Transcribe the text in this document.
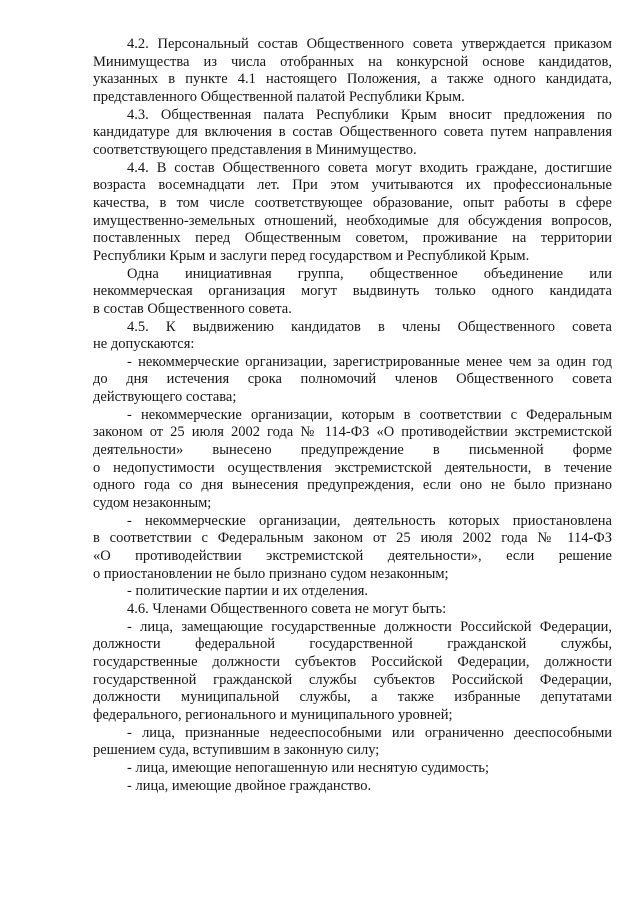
4.2. Персональный состав Общественного совета утверждается приказом
Минимущества из числа отобранных на конкурсной основе кандидатов,
указанных в пункте 4.1 настоящего Положения, а также одного кандидата,
представленного Общественной палатой Республики Крым.
4.3. Общественная палата Республики Крым вносит предложения по
кандидатуре для включения в состав Общественного совета путем направления
соответствующего представления в Минимущество.
4.4. В состав Общественного совета могут входить граждане, достигшие
возраста восемнадцати лет. При этом учитываются их профессиональные
качества, в том числе соответствующее образование, опыт работы в сфере
имущественно-земельных отношений, необходимые для обсуждения вопросов,
поставленных перед Общественным советом, проживание на территории
Республики Крым и заслуги перед государством и Республикой Крым.
Одна инициативная группа, общественное объединение или
некоммерческая организация могут выдвинуть только одного кандидата
в состав Общественного совета.
4.5. К выдвижению кандидатов в члены Общественного совета
не допускаются:
- некоммерческие организации, зарегистрированные менее чем за один год
до дня истечения срока полномочий членов Общественного совета
действующего состава;
- некоммерческие организации, которым в соответствии с Федеральным
законом от 25 июля 2002 года № 114-ФЗ «О противодействии экстремистской
деятельности» вынесено предупреждение в письменной форме
о недопустимости осуществления экстремистской деятельности, в течение
одного года со дня вынесения предупреждения, если оно не было признано
судом незаконным;
- некоммерческие организации, деятельность которых приостановлена
в соответствии с Федеральным законом от 25 июля 2002 года № 114-ФЗ
«О противодействии экстремистской деятельности», если решение
о приостановлении не было признано судом незаконным;
- политические партии и их отделения.
4.6. Членами Общественного совета не могут быть:
- лица, замещающие государственные должности Российской Федерации,
должности федеральной государственной гражданской службы,
государственные должности субъектов Российской Федерации, должности
государственной гражданской службы субъектов Российской Федерации,
должности муниципальной службы, а также избранные депутатами
федерального, регионального и муниципального уровней;
- лица, признанные недееспособными или ограниченно дееспособными
решением суда, вступившим в законную силу;
- лица, имеющие непогашенную или неснятую судимость;
- лица, имеющие двойное гражданство.
